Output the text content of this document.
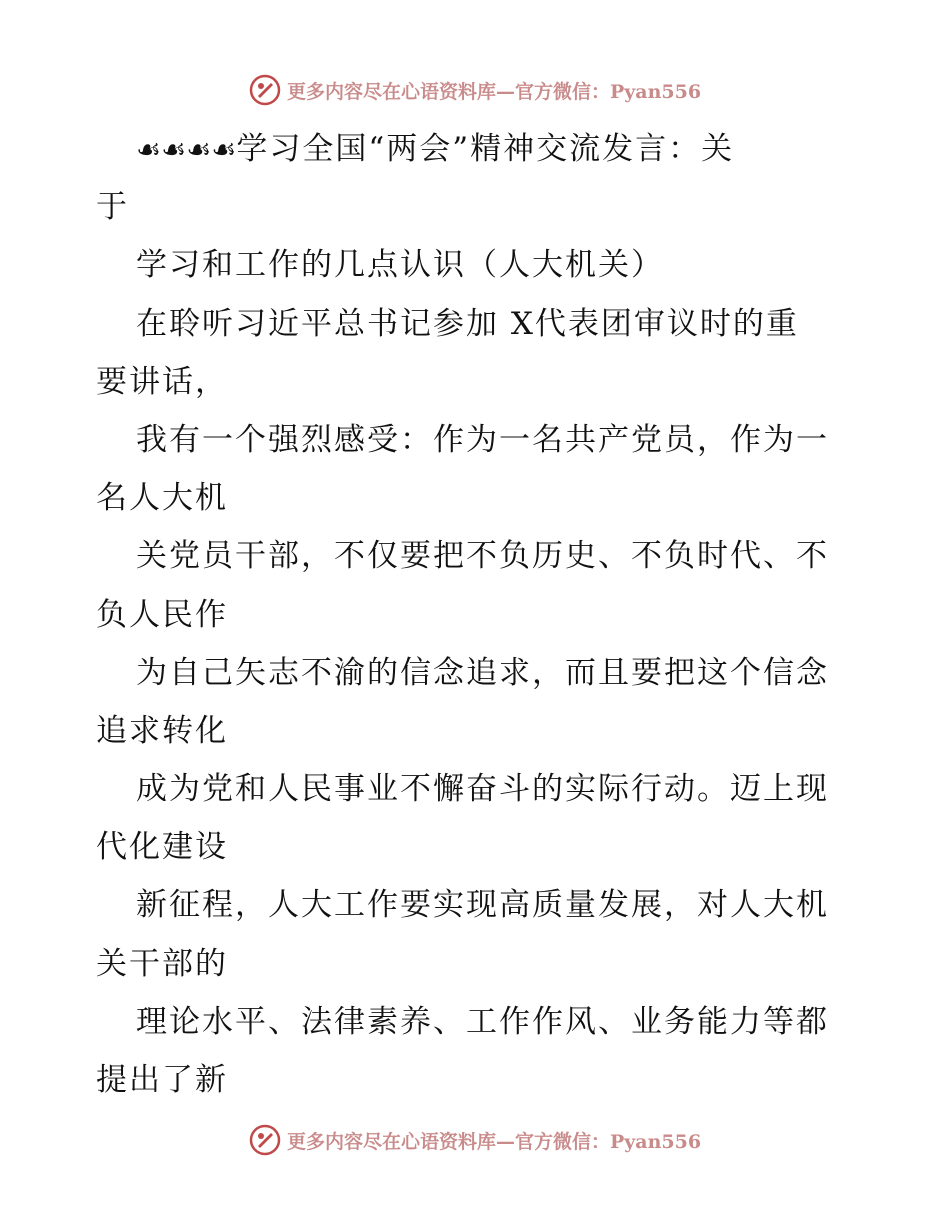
更多内容尽在心语资料库—官方微信：Pyan556
☙☙☙☙学习全国“两会”精神交流发言：关
于
学习和工作的几点认识（人大机关）
在聆听习近平总书记参加 X代表团审议时的重
要讲话，
我有一个强烈感受：作为一名共产党员，作为一
名人大机
关党员干部，不仅要把不负历史、不负时代、不
负人民作
为自己矢志不渝的信念追求，而且要把这个信念
追求转化
成为党和人民事业不懈奋斗的实际行动。迈上现
代化建设
新征程，人大工作要实现高质量发展，对人大机
关干部的
理论水平、法律素养、工作作风、业务能力等都
提出了新
更多内容尽在心语资料库—官方微信：Pyan556
